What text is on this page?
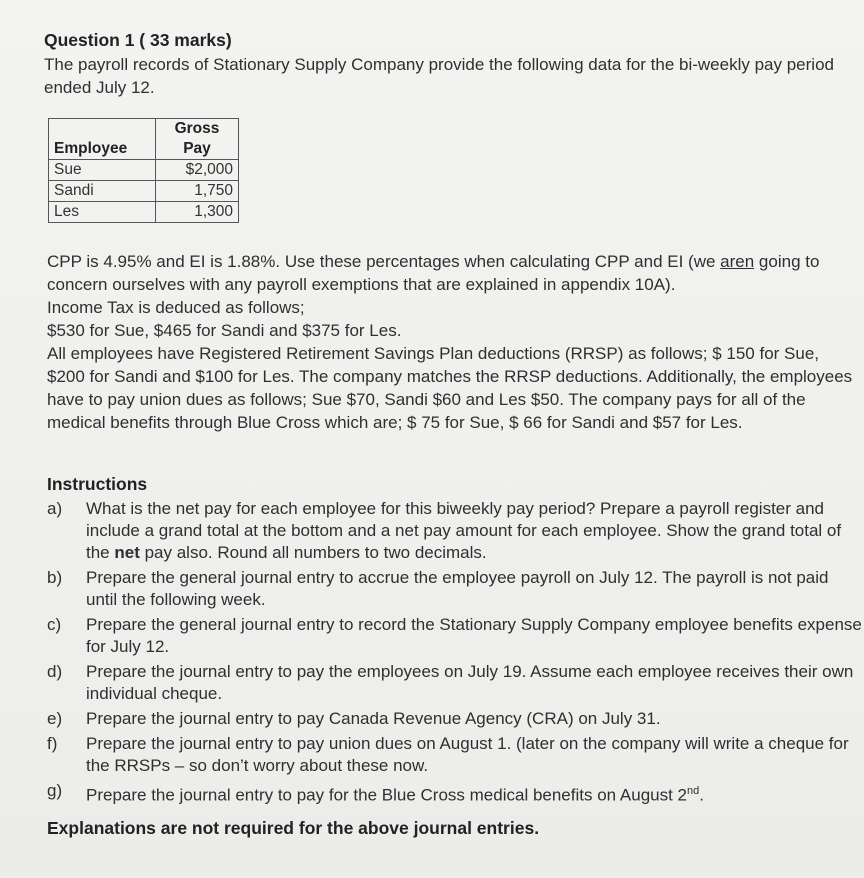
Question 1 ( 33 marks)
The payroll records of Stationary Supply Company provide the following data for the bi-weekly pay period ended July 12.
Employee	Gross Pay
Sue	$2,000
Sandi	1,750
Les	1,300

CPP is 4.95% and EI is 1.88%. Use these percentages when calculating CPP and EI (we aren going to concern ourselves with any payroll exemptions that are explained in appendix 10A).

Income Tax is deduced as follows;

$530 for Sue, $465 for Sandi and $375 for Les.

All employees have Registered Retirement Savings Plan deductions (RRSP) as follows; $ 150 for Sue, $200 for Sandi and $100 for Les. The company matches the RRSP deductions. Additionally, the employees have to pay union dues as follows; Sue $70, Sandi $60 and Les $50. The company pays for all of the medical benefits through Blue Cross which are; $ 75 for Sue, $ 66 for Sandi and $57 for Les.

Instructions
a) What is the net pay for each employee for this biweekly pay period? Prepare a payroll register and include a grand total at the bottom and a net pay amount for each employee. Show the grand total of the net pay also. Round all numbers to two decimals.
b) Prepare the general journal entry to accrue the employee payroll on July 12. The payroll is not paid until the following week.
c) Prepare the general journal entry to record the Stationary Supply Company employee benefits expense for July 12.
d) Prepare the journal entry to pay the employees on July 19. Assume each employee receives their own individual cheque.
e) Prepare the journal entry to pay Canada Revenue Agency (CRA) on July 31.
f) Prepare the journal entry to pay union dues on August 1. (later on the company will write a cheque for the RRSPs – so don’t worry about these now.
g) Prepare the journal entry to pay for the Blue Cross medical benefits on August 2nd.
Explanations are not required for the above journal entries.
